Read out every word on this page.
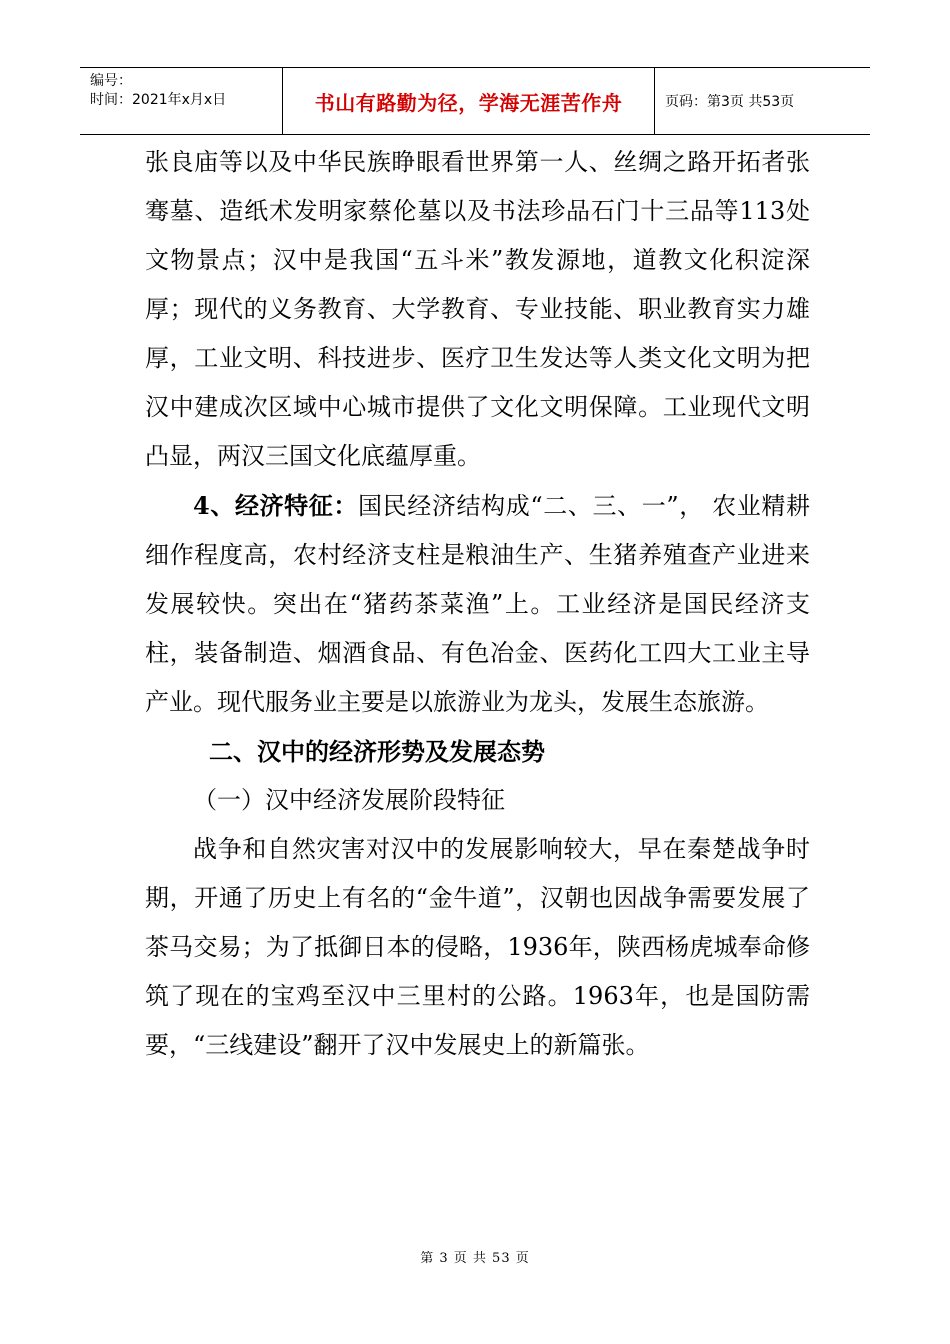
编号：
时间：2021年x月x日	书山有路勤为径，学海无涯苦作舟	页码：第3页 共53页

张良庙等以及中华民族睁眼看世界第一人、丝绸之路开拓者张骞墓、造纸术发明家蔡伦墓以及书法珍品石门十三品等113处文物景点；汉中是我国“五斗米”教发源地，道教文化积淀深厚；现代的义务教育、大学教育、专业技能、职业教育实力雄厚，工业文明、科技进步、医疗卫生发达等人类文化文明为把汉中建成次区域中心城市提供了文化文明保障。工业现代文明凸显，两汉三国文化底蕴厚重。

4、经济特征：国民经济结构成“二、三、一”， 农业精耕细作程度高，农村经济支柱是粮油生产、生猪养殖查产业进来发展较快。突出在“猪药茶菜渔”上。工业经济是国民经济支柱，装备制造、烟酒食品、有色冶金、医药化工四大工业主导产业。现代服务业主要是以旅游业为龙头，发展生态旅游。

二、汉中的经济形势及发展态势

（一）汉中经济发展阶段特征

战争和自然灾害对汉中的发展影响较大，早在秦楚战争时期，开通了历史上有名的“金牛道”，汉朝也因战争需要发展了茶马交易；为了抵御日本的侵略，1936年，陕西杨虎城奉命修筑了现在的宝鸡至汉中三里村的公路。1963年，也是国防需要，“三线建设”翻开了汉中发展史上的新篇张。

第 3 页 共 53 页
